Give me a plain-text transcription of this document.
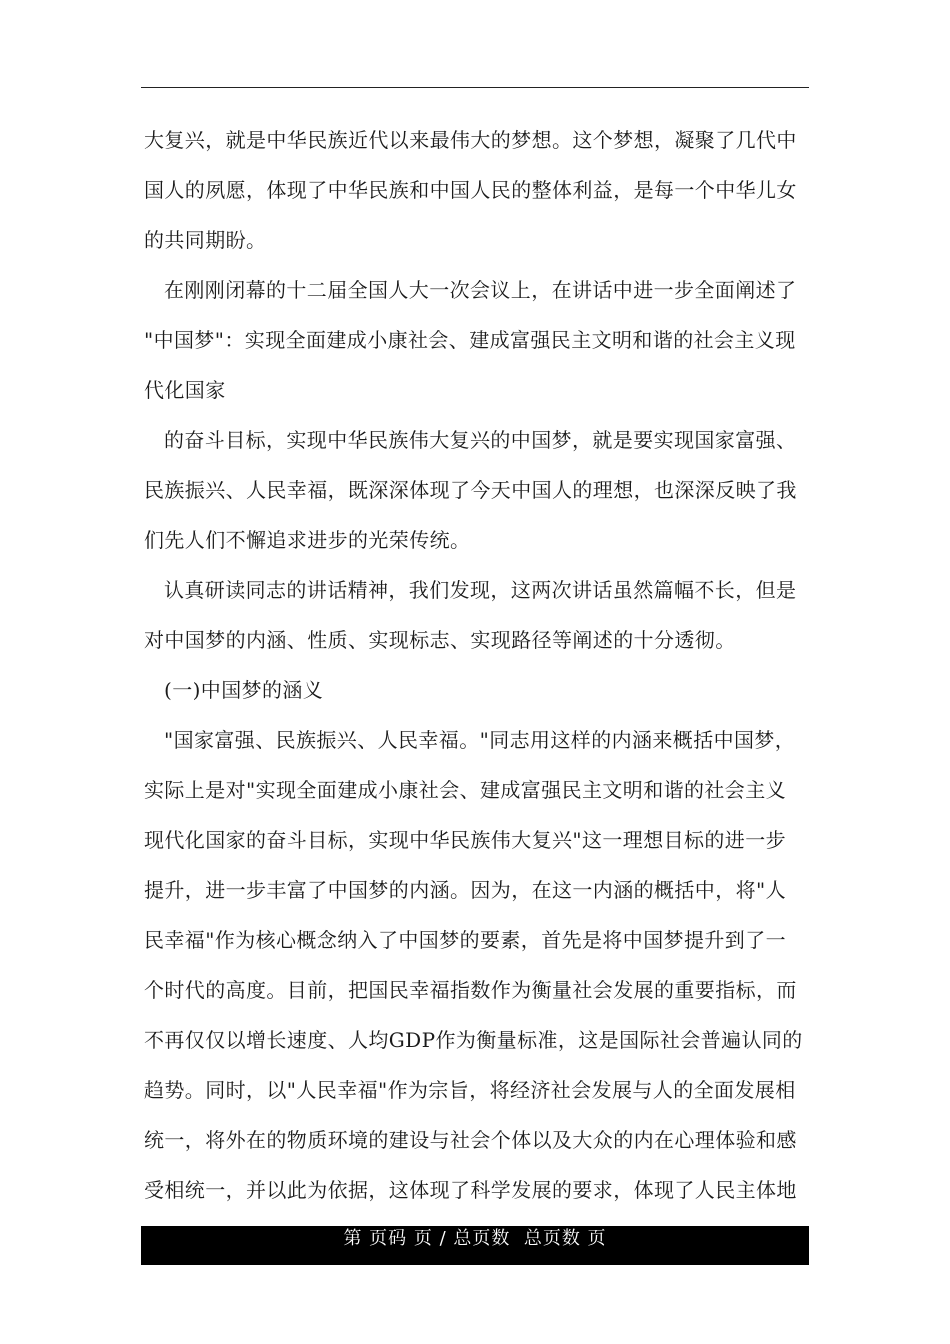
大复兴，就是中华民族近代以来最伟大的梦想。这个梦想，凝聚了几代中
国人的夙愿，体现了中华民族和中国人民的整体利益，是每一个中华儿女
的共同期盼。
在刚刚闭幕的十二届全国人大一次会议上，在讲话中进一步全面阐述了
"中国梦"：实现全面建成小康社会、建成富强民主文明和谐的社会主义现
代化国家
的奋斗目标，实现中华民族伟大复兴的中国梦，就是要实现国家富强、
民族振兴、人民幸福，既深深体现了今天中国人的理想，也深深反映了我
们先人们不懈追求进步的光荣传统。
认真研读同志的讲话精神，我们发现，这两次讲话虽然篇幅不长，但是
对中国梦的内涵、性质、实现标志、实现路径等阐述的十分透彻。
(一)中国梦的涵义
"国家富强、民族振兴、人民幸福。"同志用这样的内涵来概括中国梦，
实际上是对"实现全面建成小康社会、建成富强民主文明和谐的社会主义
现代化国家的奋斗目标，实现中华民族伟大复兴"这一理想目标的进一步
提升，进一步丰富了中国梦的内涵。因为，在这一内涵的概括中，将"人
民幸福"作为核心概念纳入了中国梦的要素，首先是将中国梦提升到了一
个时代的高度。目前，把国民幸福指数作为衡量社会发展的重要指标，而
不再仅仅以增长速度、人均GDP作为衡量标准，这是国际社会普遍认同的
趋势。同时，以"人民幸福"作为宗旨，将经济社会发展与人的全面发展相
统一，将外在的物质环境的建设与社会个体以及大众的内在心理体验和感
受相统一，并以此为依据，这体现了科学发展的要求，体现了人民主体地
第 页码 页 / 总页数  总页数 页
